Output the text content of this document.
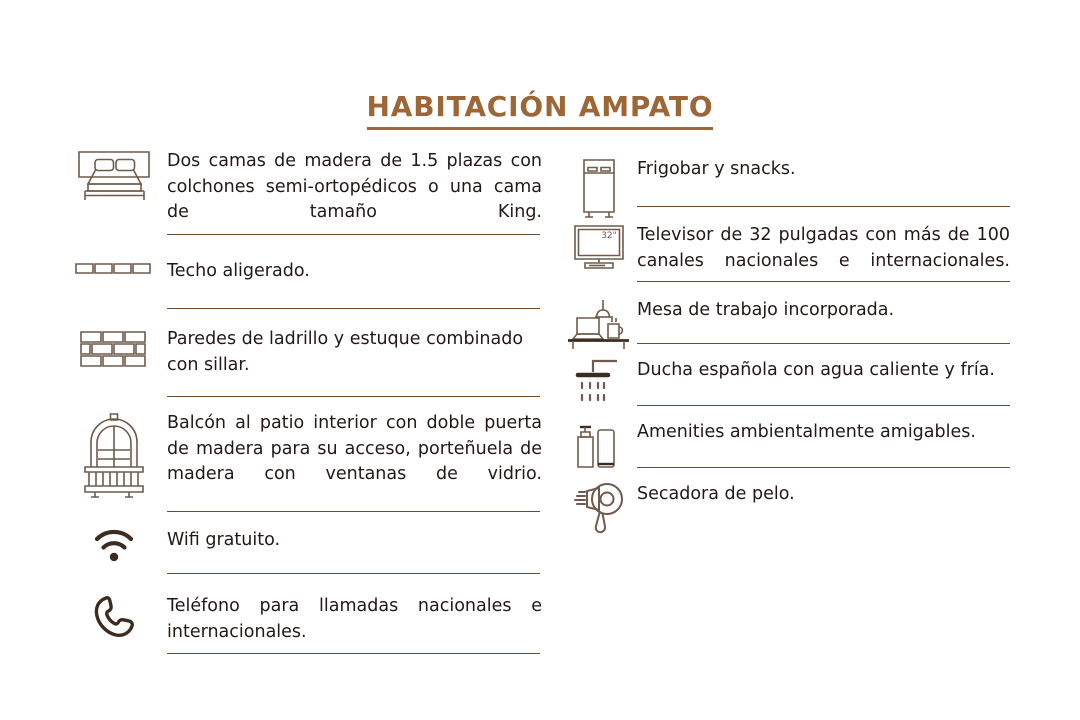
HABITACIÓN AMPATO
Dos camas de madera de 1.5 plazas con colchones semi-ortopédicos o una cama de tamaño King.
Techo aligerado.
Paredes de ladrillo y estuque combinado con sillar.
Balcón al patio interior con doble puerta de madera para su acceso, porteñuela de madera con ventanas de vidrio.
Wifi gratuito.
Teléfono para llamadas nacionales e internacionales.
Frigobar y snacks.
32" Televisor de 32 pulgadas con más de 100 canales nacionales e internacionales.
Mesa de trabajo incorporada.
Ducha española con agua caliente y fría.
Amenities ambientalmente amigables.
Secadora de pelo.
